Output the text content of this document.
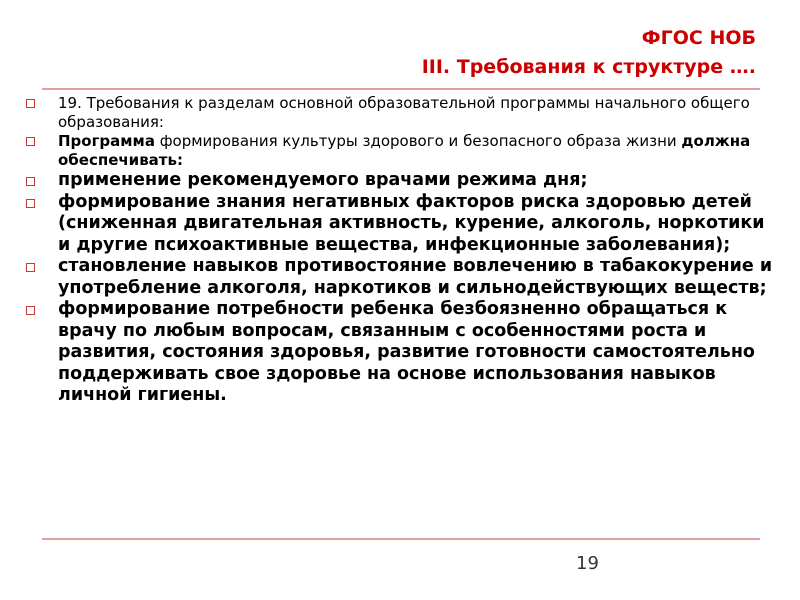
ФГОС НОБ
III. Требования к структуре ….
19. Требования к разделам основной образовательной программы начального общего образования:
Программа формирования культуры здорового и безопасного образа жизни должна обеспечивать:
применение рекомендуемого врачами режима дня;
формирование знания негативных факторов риска здоровью детей (сниженная двигательная активность, курение, алкоголь, норкотики и другие психоактивные вещества, инфекционные заболевания);
становление навыков противостояние вовлечению в табакокурение и употребление алкоголя, наркотиков и сильнодействующих веществ;
формирование потребности ребенка безбоязненно обращаться к врачу по любым вопросам, связанным с особенностями роста и развития, состояния здоровья, развитие готовности самостоятельно поддерживать свое здоровье на основе использования навыков личной гигиены.
19
